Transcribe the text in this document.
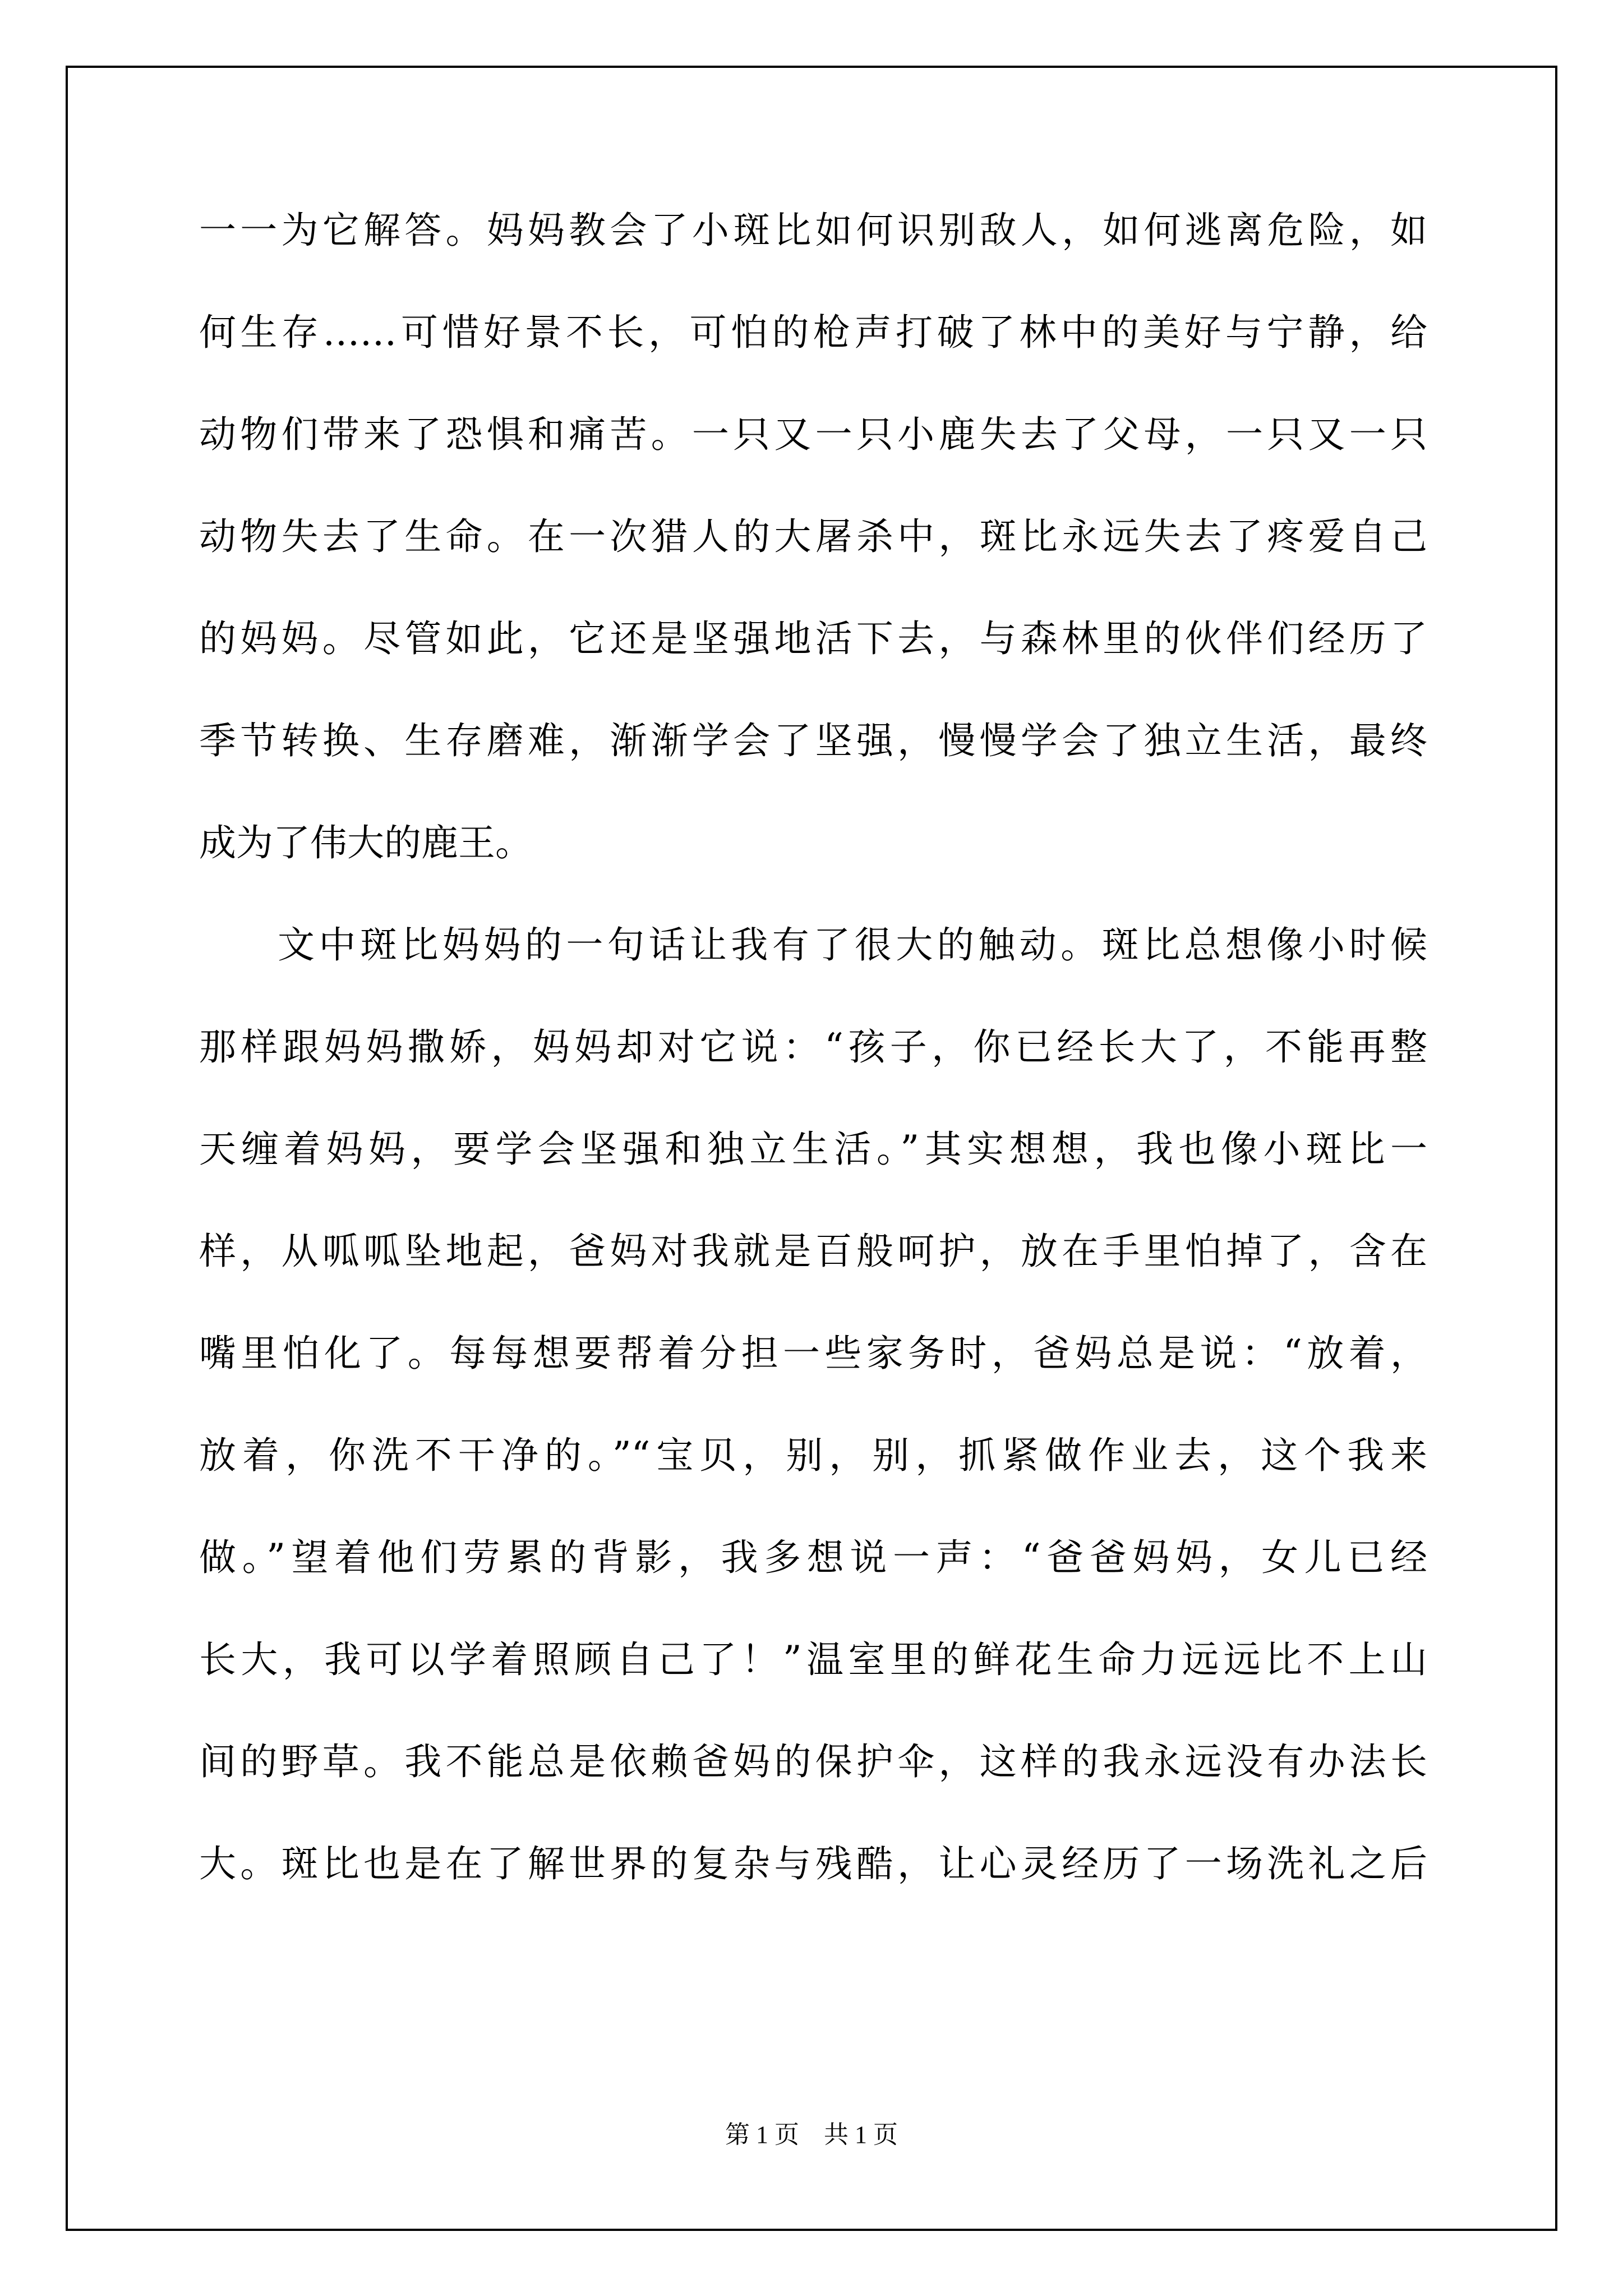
一一为它解答。妈妈教会了小斑比如何识别敌人，如何逃离危险，如
何生存……可惜好景不长，可怕的枪声打破了林中的美好与宁静，给
动物们带来了恐惧和痛苦。一只又一只小鹿失去了父母，一只又一只
动物失去了生命。在一次猎人的大屠杀中，斑比永远失去了疼爱自己
的妈妈。尽管如此，它还是坚强地活下去，与森林里的伙伴们经历了
季节转换、生存磨难，渐渐学会了坚强，慢慢学会了独立生活，最终
成为了伟大的鹿王。
文中斑比妈妈的一句话让我有了很大的触动。斑比总想像小时候
那样跟妈妈撒娇，妈妈却对它说：“孩子，你已经长大了，不能再整
天缠着妈妈，要学会坚强和独立生活。”其实想想，我也像小斑比一
样，从呱呱坠地起，爸妈对我就是百般呵护，放在手里怕掉了，含在
嘴里怕化了。每每想要帮着分担一些家务时，爸妈总是说：“放着，
放着，你洗不干净的。”“宝贝，别，别，抓紧做作业去，这个我来
做。”望着他们劳累的背影，我多想说一声：“爸爸妈妈，女儿已经
长大，我可以学着照顾自己了！”温室里的鲜花生命力远远比不上山
间的野草。我不能总是依赖爸妈的保护伞，这样的我永远没有办法长
大。斑比也是在了解世界的复杂与残酷，让心灵经历了一场洗礼之后
第 1 页    共 1 页
